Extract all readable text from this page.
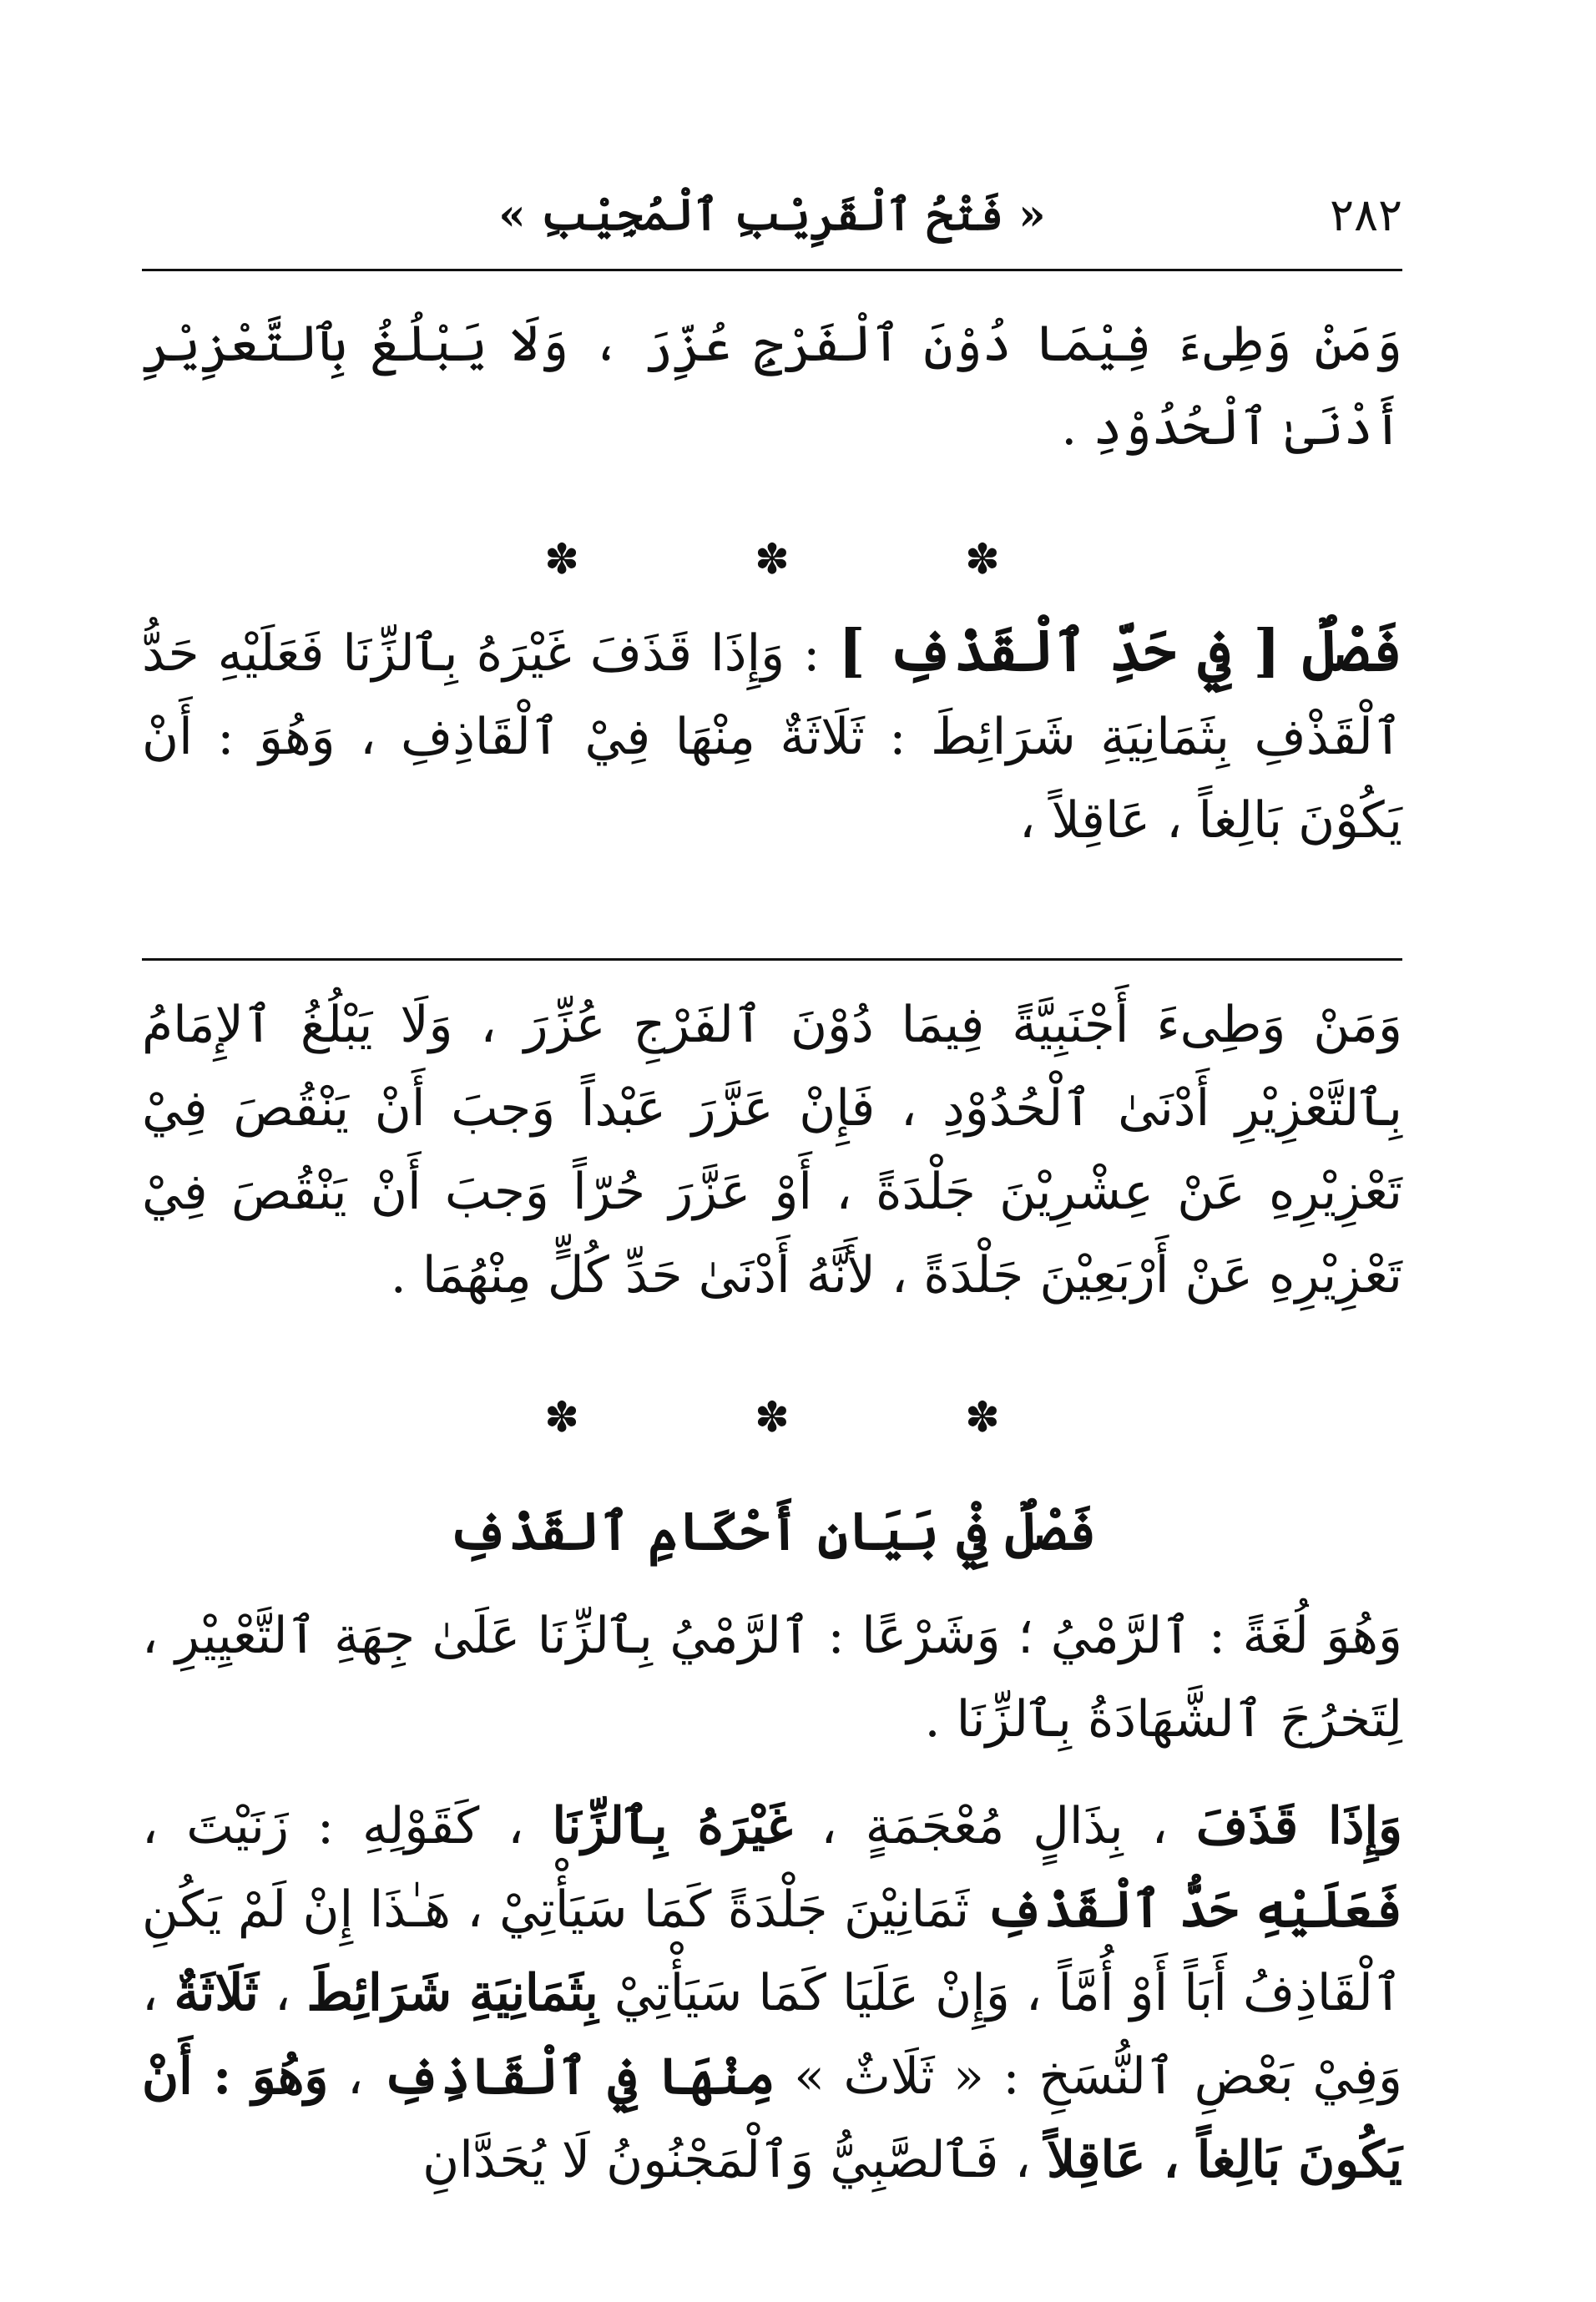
٢٨٢
« فَتْحُ ٱلْقَرِيْبِ ٱلْمُجِيْبِ »

وَمَنْ وَطِىءَ فِيْمَا دُوْنَ ٱلْفَرْجِ عُزِّرَ ، وَلَا يَبْلُغُ بِٱلتَّعْزِيْرِ أَدْنَىٰ ٱلْحُدُوْدِ .

✽
✽
✽

فَصْلٌ [ فِي حَدِّ ٱلْقَذْفِ ] : وَإِذَا قَذَفَ غَيْرَهُ بِٱلزِّنَا فَعَلَيْهِ حَدُّ ٱلْقَذْفِ بِثَمَانِيَةِ شَرَائِطَ : ثَلَاثَةٌ مِنْهَا فِيْ ٱلْقَاذِفِ ، وَهُوَ : أَنْ يَكُوْنَ بَالِغاً ، عَاقِلاً ،

وَمَنْ وَطِىءَ أَجْنَبِيَّةً فِيمَا دُوْنَ ٱلفَرْجِ عُزِّرَ ، وَلَا يَبْلُغُ ٱلإِمَامُ بِٱلتَّعْزِيْرِ أَدْنَىٰ ٱلْحُدُوْدِ ، فَإِنْ عَزَّرَ عَبْداً وَجبَ أَنْ يَنْقُصَ فِيْ تَعْزِيْرِهِ عَنْ عِشْرِيْنَ جَلْدَةً ، أَوْ عَزَّرَ حُرّاً وَجبَ أَنْ يَنْقُصَ فِيْ تَعْزِيْرِهِ عَنْ أَرْبَعِيْنَ جَلْدَةً ، لأَنَّهُ أَدْنَىٰ حَدِّ كُلٍّ مِنْهُمَا .

✽
✽
✽
فَصْلٌ فِيْ بَيَانِ أَحْكَامِ ٱلقَذْفِ

وَهُوَ لُغَةً : ٱلرَّمْيُ ؛ وَشَرْعًا : ٱلرَّمْيُ بِٱلزِّنَا عَلَىٰ جِهَةِ ٱلتَّعْيِيْرِ ، لِتَخرُجَ ٱلشَّهَادَةُ بِٱلزِّنَا .

وَإِذَا قَذَفَ ، بِذَالٍ مُعْجَمَةٍ ، غَيْرَهُ بِٱلزِّنَا ، كَقَوْلِهِ : زَنَيْتَ ، فَعَلَيْهِ حَدُّ ٱلْقَذْفِ ثَمَانِيْنَ جَلْدَةً كَمَا سَيَأْتِيْ ، هَـٰذَا إِنْ لَمْ يَكُنِ ٱلْقَاذِفُ أَبَاً أَوْ أُمَّاً ، وَإِنْ عَلَيَا كَمَا سَيَأْتِيْ بِثَمَانِيَةِ شَرَائِطَ ، ثَلَاثَةٌ ، وَفِيْ بَعْضِ ٱلنُّسَخِ : « ثَلَاثٌ » مِنْهَا فِي ٱلْقَاذِفِ ، وَهُوَ : أَنْ يَكُونَ بَالِغاً ، عَاقِلاً ، فَٱلصَّبِيُّ وَٱلْمَجْنُونُ لَا يُحَدَّانِ
